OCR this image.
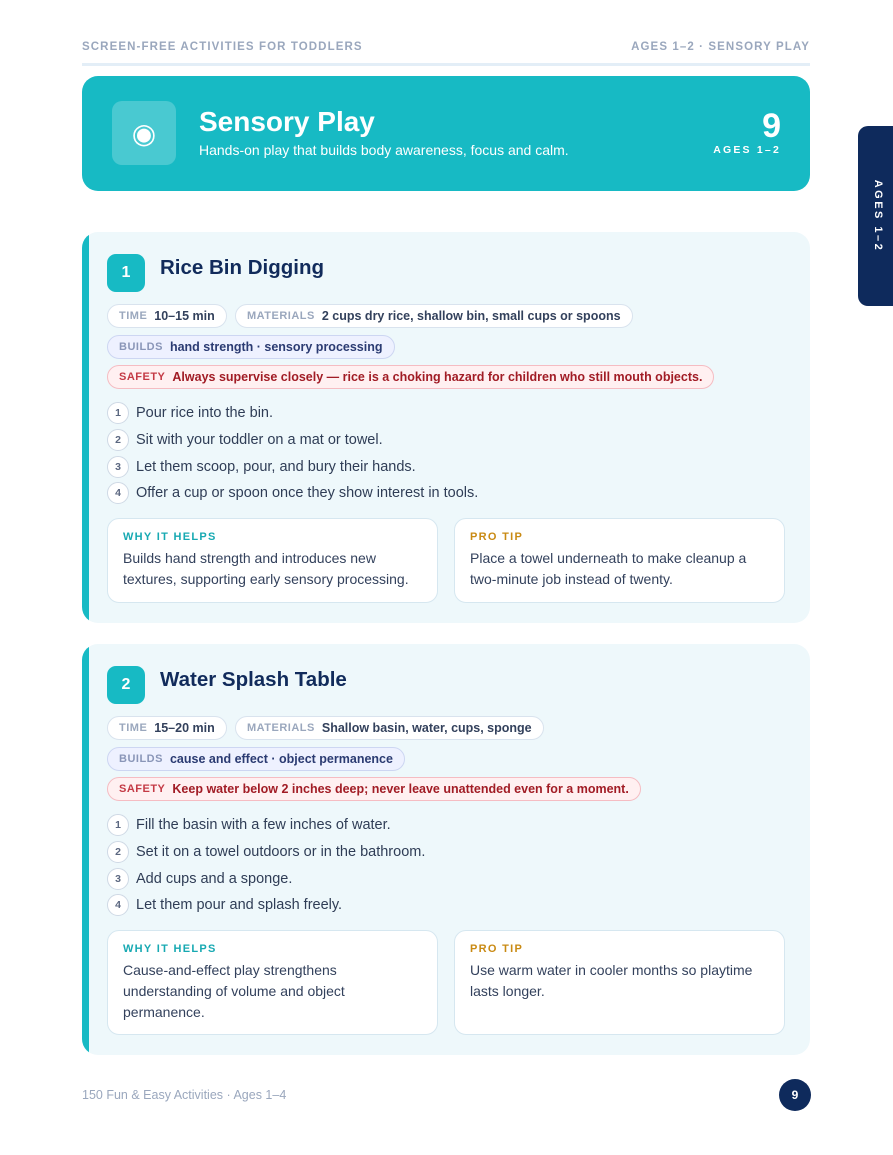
SCREEN-FREE ACTIVITIES FOR TODDLERS	AGES 1–2 · SENSORY PLAY
◉	Sensory Play
Hands-on play that builds body awareness, focus and calm.
9
AGES 1–2
AGES 1–2
1	Rice Bin Digging
TIME 10–15 min	MATERIALS 2 cups dry rice, shallow bin, small cups or spoons
BUILDS hand strength · sensory processing
SAFETY Always supervise closely — rice is a choking hazard for children who still mouth objects.
1	Pour rice into the bin.
2	Sit with your toddler on a mat or towel.
3	Let them scoop, pour, and bury their hands.
4	Offer a cup or spoon once they show interest in tools.
WHY IT HELPS
Builds hand strength and introduces new textures, supporting early sensory processing.
PRO TIP
Place a towel underneath to make cleanup a two-minute job instead of twenty.
2	Water Splash Table
TIME 15–20 min	MATERIALS Shallow basin, water, cups, sponge
BUILDS cause and effect · object permanence
SAFETY Keep water below 2 inches deep; never leave unattended even for a moment.
1	Fill the basin with a few inches of water.
2	Set it on a towel outdoors or in the bathroom.
3	Add cups and a sponge.
4	Let them pour and splash freely.
WHY IT HELPS
Cause-and-effect play strengthens understanding of volume and object permanence.
PRO TIP
Use warm water in cooler months so playtime lasts longer.
150 Fun & Easy Activities · Ages 1–4	9
